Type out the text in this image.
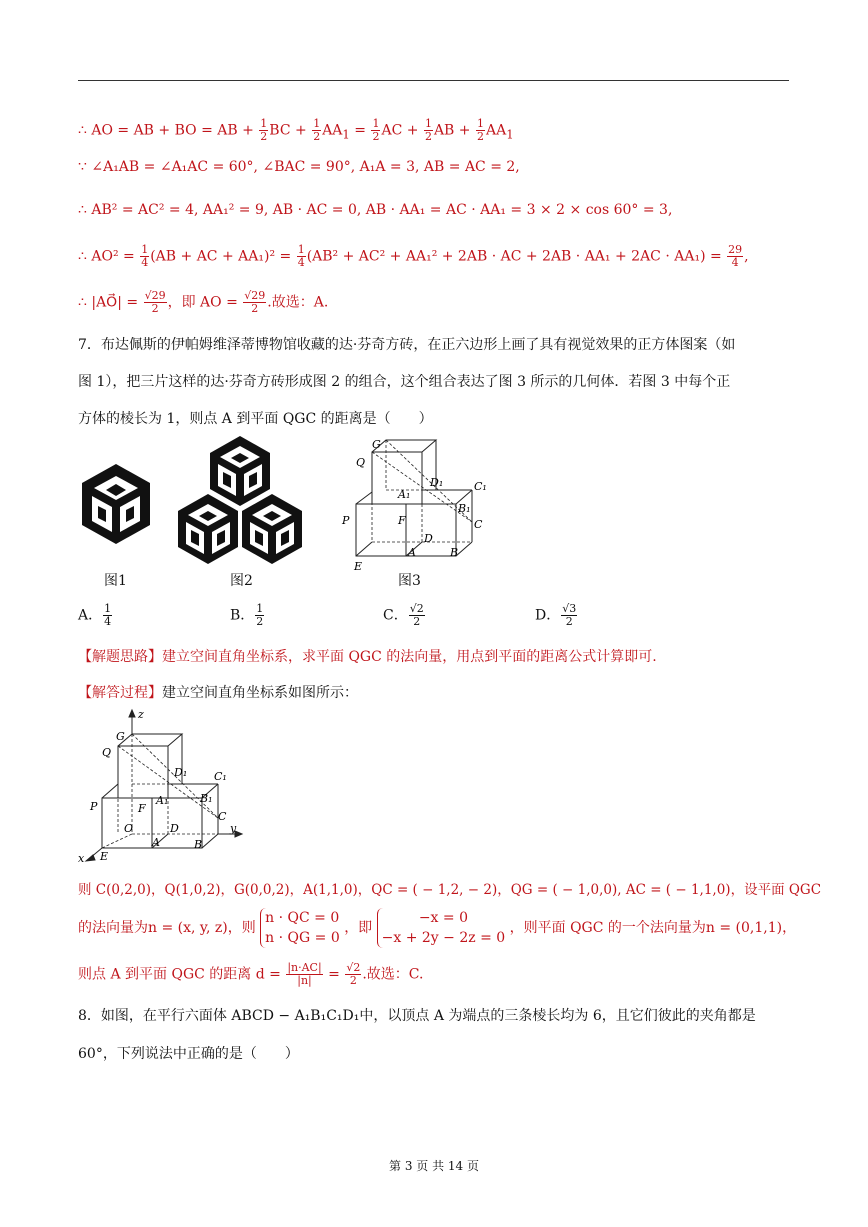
∴ AO = AB + BO = AB + $\frac{1}{2}$ BC + $\frac{1}{2} AA_1 = \frac{1}{2}$ AC + $\frac{1}{2}$ AB + $\frac{1}{2} AA_1$
∵ ∠A₁AB = ∠A₁AC = 60°, ∠BAC = 90°, A₁A = 3, AB = AC = 2,
∴ AB² = AC² = 4, AA₁² = 9, AB · AC = 0, AB · AA₁ = AC · AA₁ = 3 × 2 × cos 60° = 3,
∴ $AO^2 = \frac{1}{4} (AB$ + AC + $AA_1)^2 = \frac{1}{4} (AB^2 + AC^2 + AA_1^2 + 2AB$ · AC + $2AB \cdot AA_1 + 2AC \cdot AA_1) = \frac{29}{4}$ ,
∴ |AO⃗| = $\frac{√29}{2}$ ，即 AO = $\frac{√29}{2}$ .故选：A.
7．布达佩斯的伊帕姆维泽蒂博物馆收藏的达·芬奇方砖，在正六边形上画了具有视觉效果的正方体图案（如
图 1），把三片这样的达·芬奇方砖形成图 2 的组合，这个组合表达了图 3 所示的几何体．若图 3 中每个正
方体的棱长为 1，则点 A 到平面 QGC 的距离是（　　）
G
Q
D₁	C₁
A₁
B₁
P	F	C
D
A	B
E
图1	图2	图3
A． $\frac{1}{4}$	B． $\frac{1}{2}$	C． $\frac{√2}{2}$	D． $\frac{√3}{2}$
【解题思路】建立空间直角坐标系，求平面 QGC 的法向量，用点到平面的距离公式计算即可.
【解答过程】建立空间直角坐标系如图所示：
z
G
Q
D₁ C₁
A₁	B₁
P	F
C
O	D	y
A	B
E
x
则 C(0,2,0)，Q(1,0,2)，G(0,0,2)，A(1,1,0)，QC = ( − 1,2, − 2)，QG = ( − 1,0,0), AC = ( − 1,1,0)，设平面 QGC
的法向量为n = (x, y, z)，则
n · QC = 0
n · QG = 0
，即
−x = 0
−x + 2y − 2z = 0
，则平面 QGC 的一个法向量为n = (0,1,1)，
则点 A 到平面 QGC 的距离 $d = \frac{|n\cdot AC|}{|n|} = \frac{√2}{2}$ .故选：C.
8．如图，在平行六面体 ABCD − A₁B₁C₁D₁中，以顶点 A 为端点的三条棱长均为 6，且它们彼此的夹角都是
60°，下列说法中正确的是（　　）
第 3 页 共 14 页
